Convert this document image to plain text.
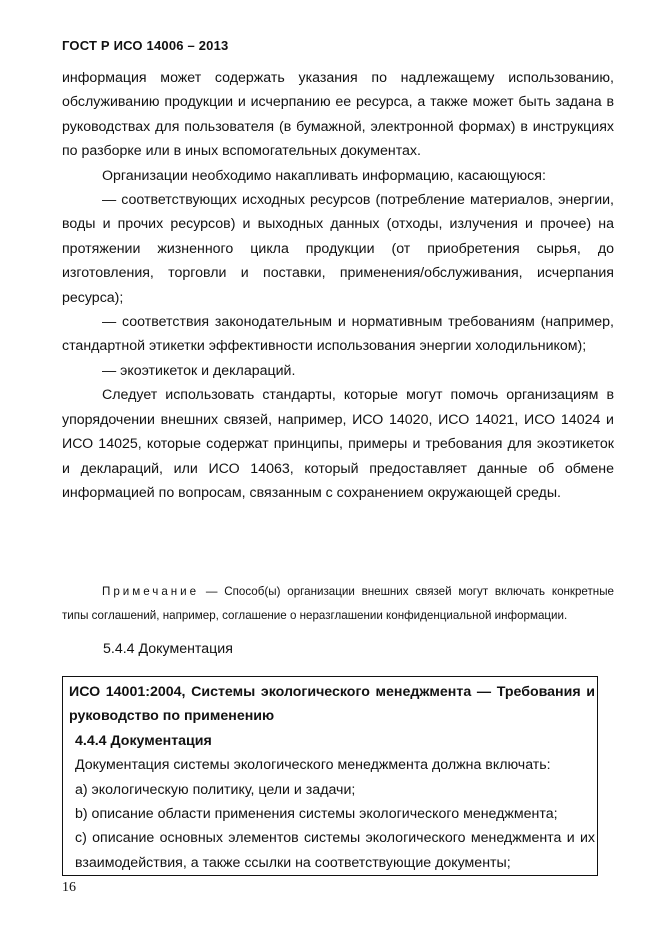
ГОСТ Р ИСО 14006 – 2013

информация может содержать указания по надлежащему использованию, обслуживанию продукции и исчерпанию ее ресурса, а также может быть задана в руководствах для пользователя (в бумажной, электронной формах) в инструкциях по разборке или в иных вспомогательных документах.

Организации необходимо накапливать информацию, касающуюся:

— соответствующих исходных ресурсов (потребление материалов, энергии, воды и прочих ресурсов) и выходных данных (отходы, излучения и прочее) на протяжении жизненного цикла продукции (от приобретения сырья, до изготовления, торговли и поставки, применения/обслуживания, исчерпания ресурса);

— соответствия законодательным и нормативным требованиям (например, стандартной этикетки эффективности использования энергии холодильником);

— экоэтикеток и деклараций.

Следует использовать стандарты, которые могут помочь организациям в упорядочении внешних связей, например, ИСО 14020, ИСО 14021, ИСО 14024 и ИСО 14025, которые содержат принципы, примеры и требования для экоэтикеток и деклараций, или ИСО 14063, который предоставляет данные об обмене информацией по вопросам, связанным с сохранением окружающей среды.

Примечание — Способ(ы) организации внешних связей могут включать конкретные типы соглашений, например, соглашение о неразглашении конфиденциальной информации.
5.4.4 Документация

ИСО 14001:2004, Системы экологического менеджмента — Требования и руководство по применению

4.4.4 Документация

Документация системы экологического менеджмента должна включать:

a) экологическую политику, цели и задачи;

b) описание области применения системы экологического менеджмента;

c) описание основных элементов системы экологического менеджмента и их взаимодействия, а также ссылки на соответствующие документы;

16
